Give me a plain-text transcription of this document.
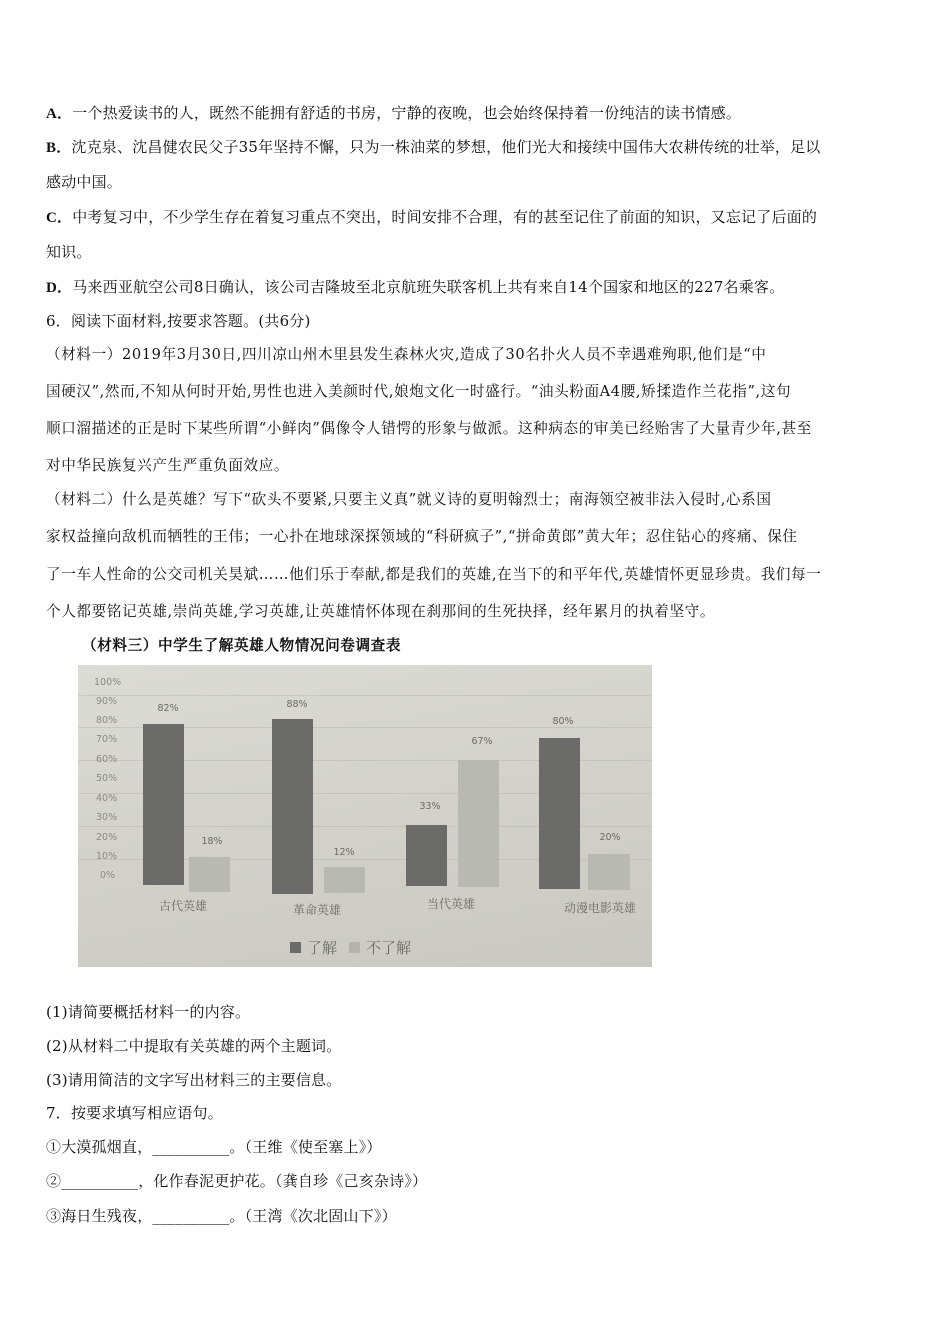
A．一个热爱读书的人，既然不能拥有舒适的书房，宁静的夜晚，也会始终保持着一份纯洁的读书情感。
B．沈克泉、沈昌健农民父子35年坚持不懈，只为一株油菜的梦想，他们光大和接续中国伟大农耕传统的壮举，足以
感动中国。
C．中考复习中，不少学生存在着复习重点不突出，时间安排不合理，有的甚至记住了前面的知识，又忘记了后面的
知识。
D．马来西亚航空公司8日确认，该公司吉隆坡至北京航班失联客机上共有来自14个国家和地区的227名乘客。
6．阅读下面材料,按要求答题。(共6分)
（材料一）2019年3月30日,四川凉山州木里县发生森林火灾,造成了30名扑火人员不幸遇难殉职,他们是“中
国硬汉”,然而,不知从何时开始,男性也进入美颜时代,娘炮文化一时盛行。“油头粉面A4腰,矫揉造作兰花指”,这句
顺口溜描述的正是时下某些所谓“小鲜肉”偶像令人错愕的形象与做派。这种病态的审美已经贻害了大量青少年,甚至
对中华民族复兴产生严重负面效应。
（材料二）什么是英雄？写下“砍头不要紧,只要主义真”就义诗的夏明翰烈士；南海领空被非法入侵时,心系国
家权益撞向敌机而牺牲的王伟；一心扑在地球深探领域的“科研疯子”,“拼命黄郎”黄大年；忍住钻心的疼痛、保住
了一车人性命的公交司机关昊斌……他们乐于奉献,都是我们的英雄,在当下的和平年代,英雄情怀更显珍贵。我们每一
个人都要铭记英雄,崇尚英雄,学习英雄,让英雄情怀体现在刹那间的生死抉择，经年累月的执着坚守。
（材料三）中学生了解英雄人物情况问卷调查表
100%
90%
80%
70%
60%
50%
40%
30%
20%
10%
0%
82%
18%
古代英雄
88%
12%
革命英雄
33%
67%
当代英雄
80%
20%
动漫电影英雄
了解 不了解
(1)请简要概括材料一的内容。
(2)从材料二中提取有关英雄的两个主题词。
(3)请用简洁的文字写出材料三的主要信息。
7．按要求填写相应语句。
①大漠孤烟直，__________。（王维《使至塞上》）
②__________，化作春泥更护花。（龚自珍《己亥杂诗》）
③海日生残夜，__________。（王湾《次北固山下》）
